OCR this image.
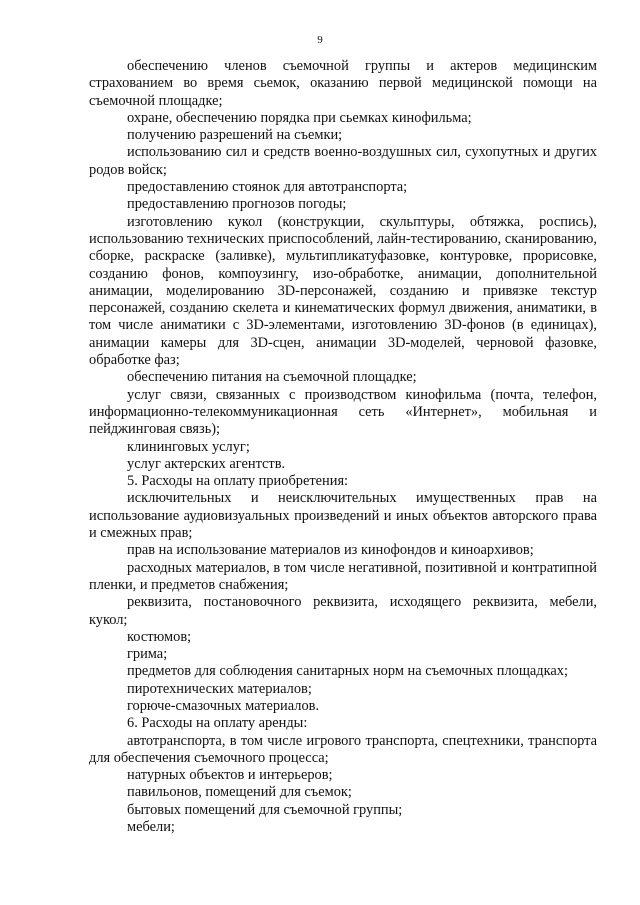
9

обеспечению членов съемочной группы и актеров медицинским страхованием во время сьемок, оказанию первой медицинской помощи на съемочной площадке;

охране, обеспечению порядка при сьемках кинофильма;

получению разрешений на съемки;

использованию сил и средств военно-воздушных сил, сухопутных и других родов войск;

предоставлению стоянок для автотранспорта;

предоставлению прогнозов погоды;

изготовлению кукол (конструкции, скульптуры, обтяжка, роспись), использованию технических приспособлений, лайн-тестированию, сканированию, сборке, раскраске (заливке), мультипликатуфазовке, контуровке, прорисовке, созданию фонов, компоузингу, изо-обработке, анимации, дополнительной анимации, моделированию 3D-персонажей, созданию и привязке текстур персонажей, созданию скелета и кинематических формул движения, аниматики, в том числе аниматики с 3D-элементами, изготовлению 3D-фонов (в единицах), анимации камеры для 3D-сцен, анимации 3D-моделей, черновой фазовке, обработке фаз;

обеспечению питания на съемочной площадке;

услуг связи, связанных с производством кинофильма (почта, телефон, информационно-телекоммуникационная сеть «Интернет», мобильная и пейджинговая связь);

клининговых услуг;

услуг актерских агентств.

5. Расходы на оплату приобретения:

исключительных и неисключительных имущественных прав на использование аудиовизуальных произведений и иных объектов авторского права и смежных прав;

прав на использование материалов из кинофондов и киноархивов;

расходных материалов, в том числе негативной, позитивной и контратипной пленки, и предметов снабжения;

реквизита, постановочного реквизита, исходящего реквизита, мебели, кукол;

костюмов;

грима;

предметов для соблюдения санитарных норм на съемочных площадках;

пиротехнических материалов;

горюче-смазочных материалов.

6. Расходы на оплату аренды:

автотранспорта, в том числе игрового транспорта, спецтехники, транспорта для обеспечения съемочного процесса;

натурных объектов и интерьеров;

павильонов, помещений для съемок;

бытовых помещений для съемочной группы;

мебели;
